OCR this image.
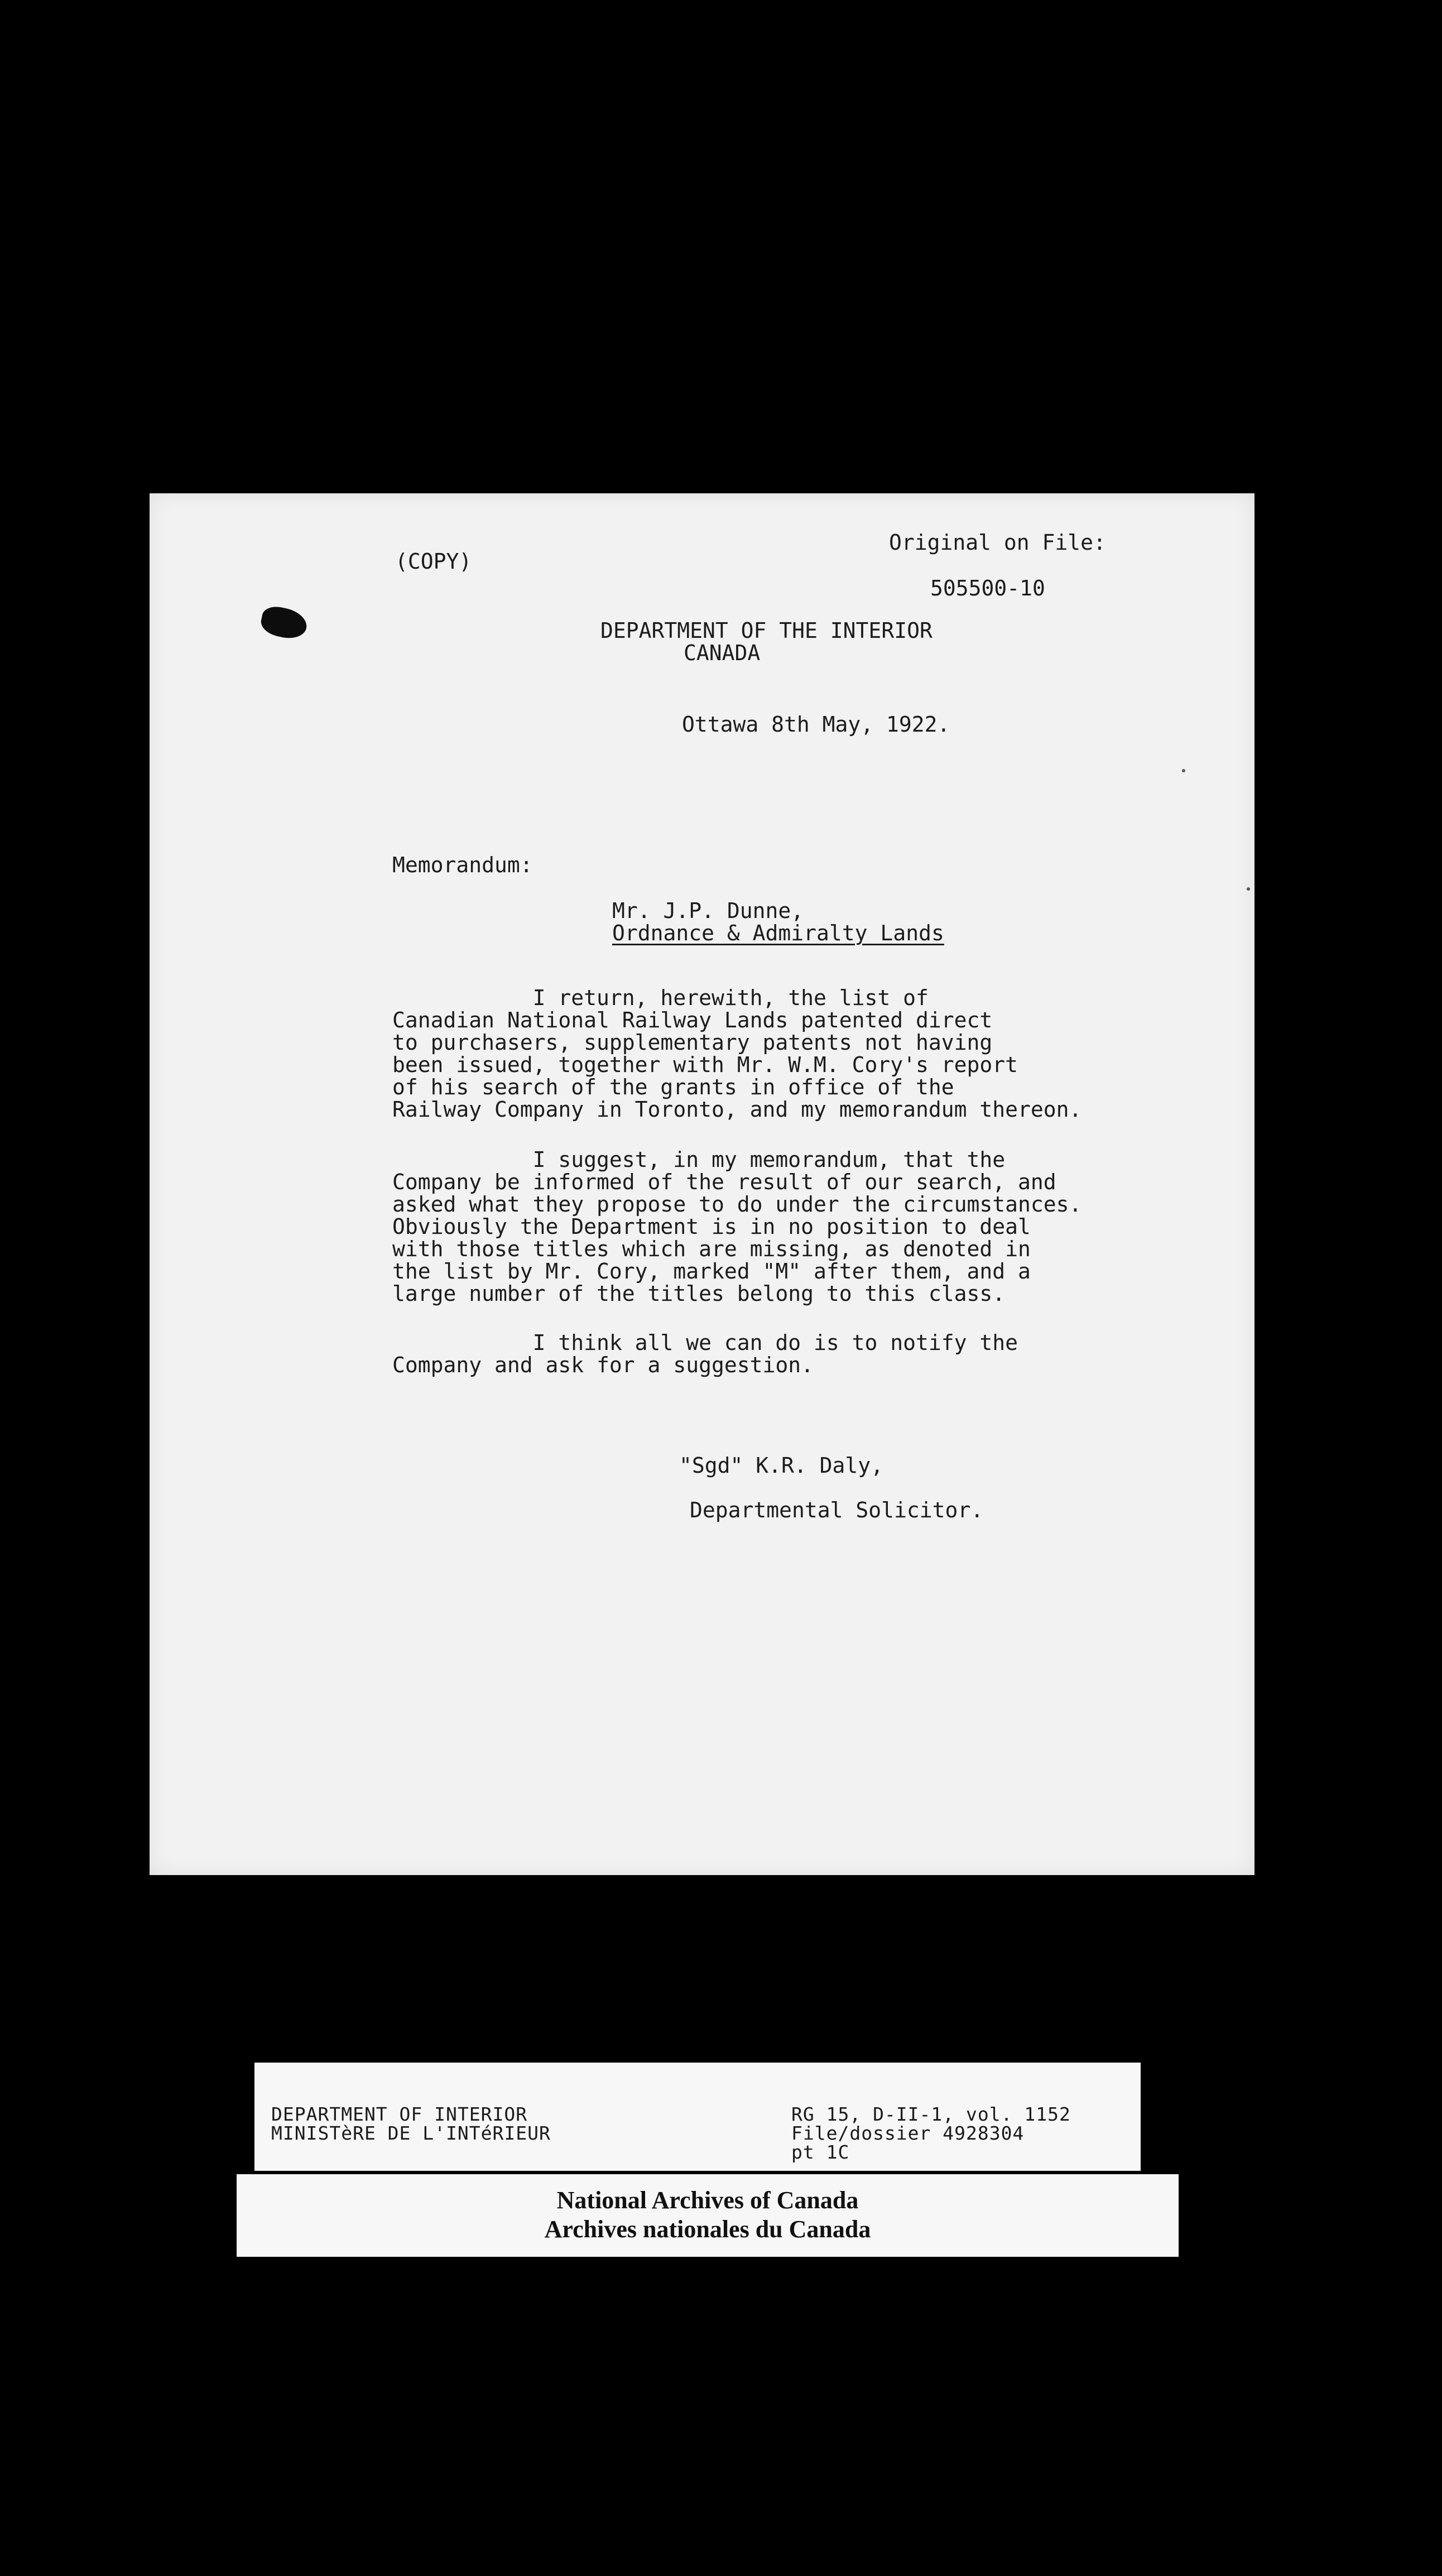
(COPY)
Original on File:
505500-10
DEPARTMENT OF THE INTERIOR
CANADA
Ottawa 8th May, 1922.
Memorandum:
Mr. J.P. Dunne,
Ordnance & Admiralty Lands
I return, herewith, the list of
Canadian National Railway Lands patented direct
to purchasers, supplementary patents not having
been issued, together with Mr. W.M. Cory's report
of his search of the grants in office of the
Railway Company in Toronto, and my memorandum thereon.
I suggest, in my memorandum, that the
Company be informed of the result of our search, and
asked what they propose to do under the circumstances.
Obviously the Department is in no position to deal
with those titles which are missing, as denoted in
the list by Mr. Cory, marked "M" after them, and a
large number of the titles belong to this class.
I think all we can do is to notify the
Company and ask for a suggestion.
"Sgd" K.R. Daly,
Departmental Solicitor.
DEPARTMENT OF INTERIOR
MINISTèRE DE L'INTéRIEUR
RG 15, D-II-1, vol. 1152
File/dossier 4928304
pt 1C
National Archives of Canada
Archives nationales du Canada
